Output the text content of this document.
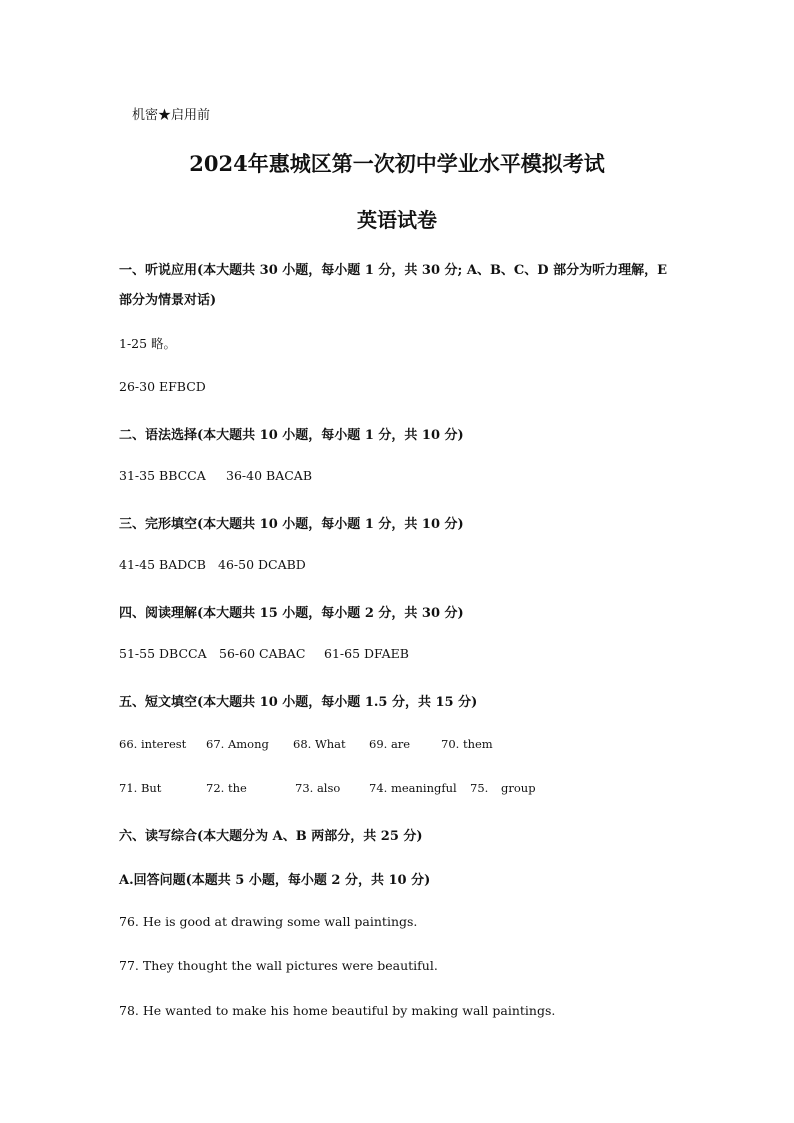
机密★启用前
2024年惠城区第一次初中学业水平模拟考试
英语试卷
一、听说应用(本大题共 30 小题，每小题 1 分，共 30 分; A、B、C、D 部分为听力理解，E
部分为情景对话)
1-25 略。
26-30 EFBCD
二、语法选择(本大题共 10 小题，每小题 1 分，共 10 分)
31-35 BBCCA 36-40 BACAB
三、完形填空(本大题共 10 小题，每小题 1 分，共 10 分)
41-45 BADCB 46-50 DCABD
四、阅读理解(本大题共 15 小题，每小题 2 分，共 30 分)
51-55 DBCCA 56-60 CABAC 61-65 DFAEB
五、短文填空(本大题共 10 小题，每小题 1.5 分，共 15 分)
66. interest 67. Among 68. What 69. are	70. them
71. But	72. the	73. also 74. meaningful 75. group
六、读写综合(本大题分为 A、B 两部分，共 25 分)
A.回答问题(本题共 5 小题，每小题 2 分，共 10 分)
76. He is good at drawing some wall paintings.
77. They thought the wall pictures were beautiful.
78. He wanted to make his home beautiful by making wall paintings.
